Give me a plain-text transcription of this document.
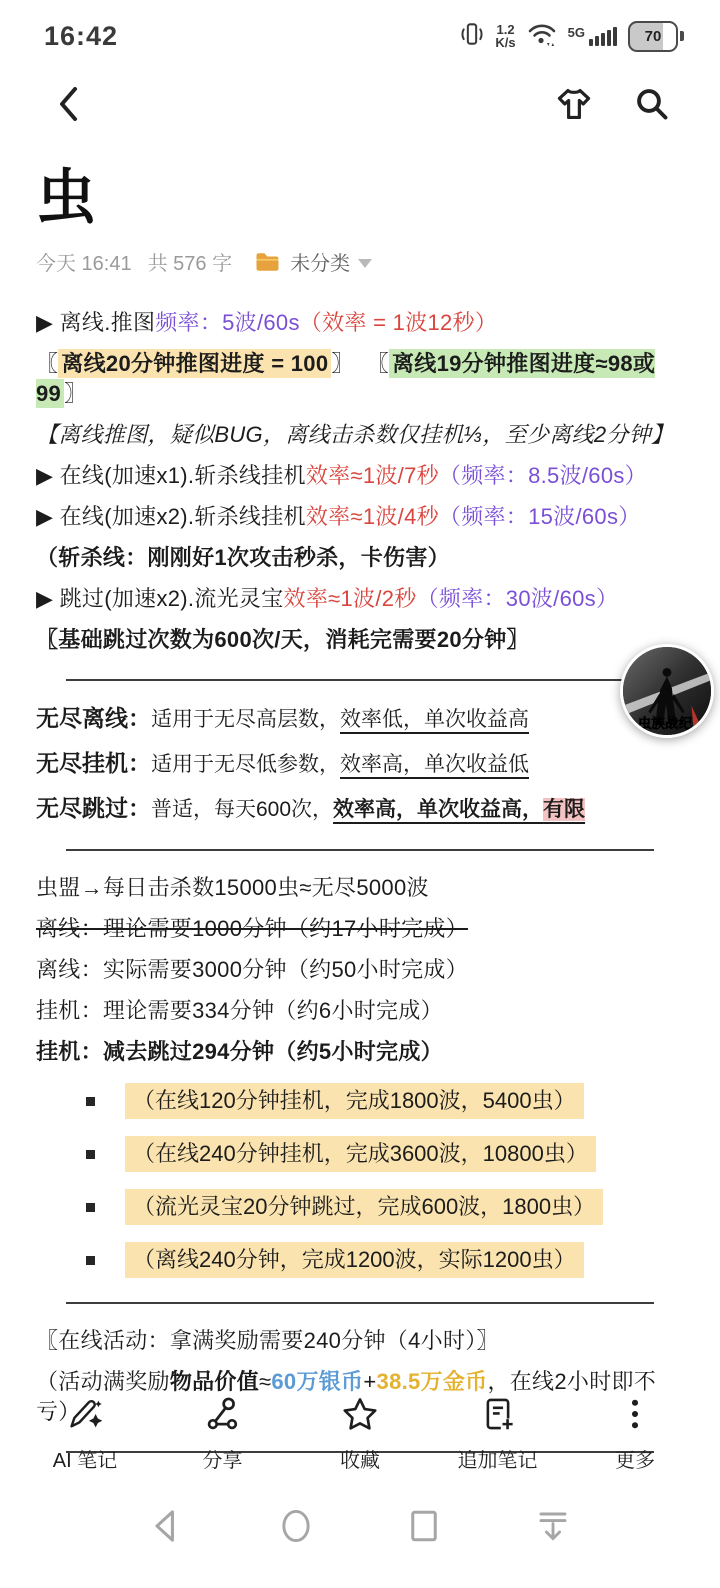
16:42	1.2
K/s
5G	70
虫
今天 16:41 共 576 字	未分类
▶ 离线.推图频率：5波/60s（效率 = 1波12秒）
〖 离线20分钟推图进度 = 100 〗 〖 离线19分钟推图进度≈98或99 〗
【离线推图，疑似BUG，离线击杀数仅挂机⅓，至少离线2分钟】
▶ 在线(加速x1).斩杀线挂机效率≈1波/7秒（频率：8.5波/60s）
▶ 在线(加速x2).斩杀线挂机效率≈1波/4秒（频率：15波/60s）
（斩杀线：刚刚好1次攻击秒杀，卡伤害）
▶ 跳过(加速x2).流光灵宝效率≈1波/2秒（频率：30波/60s）
〖基础跳过次数为600次/天，消耗完需要20分钟〗
无尽离线：适用于无尽高层数，效率低，单次收益高
无尽挂机：适用于无尽低参数，效率高，单次收益低
无尽跳过：普适，每天600次，效率高，单次收益高，有限
虫盟→每日击杀数15000虫≈无尽5000波
离线：理论需要1000分钟（约17小时完成）
离线：实际需要3000分钟（约50小时完成）
挂机：理论需要334分钟（约6小时完成）
挂机：减去跳过294分钟（约5小时完成）
（在线120分钟挂机，完成1800波，5400虫）
（在线240分钟挂机，完成3600波，10800虫）
（流光灵宝20分钟跳过，完成600波，1800虫）
（离线240分钟，完成1200波，实际1200虫）
〖在线活动：拿满奖励需要240分钟（4小时）〗
（活动满奖励物品价值≈60万银币+38.5万金币，在线2小时即不亏）
虫族战纪
AI 笔记	分享	收藏	追加笔记	更多
